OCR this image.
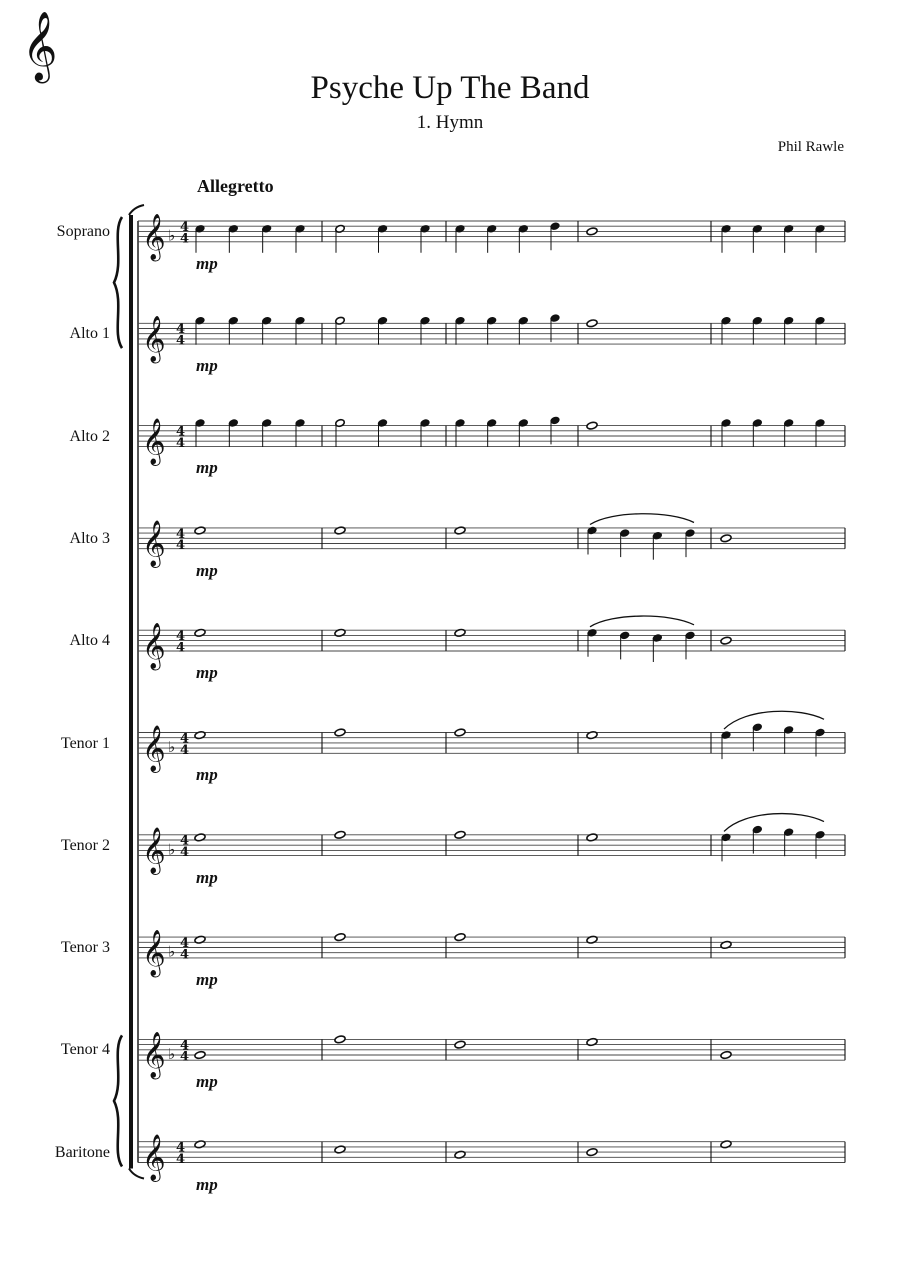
𝄞
Psyche Up The Band
1. Hymn
Phil Rawle
Allegretto
Soprano
mp
Alto 1
mp
Alto 2
mp
Alto 3
mp
Alto 4
mp
Tenor 1
mp
Tenor 2
mp
Tenor 3
mp
Tenor 4
mp
Baritone
mp
𝄞 ♭ 4
4
𝄞 4
4
𝄞 4
4
𝄞 4
4
𝄞 4
4
𝄞 ♭ 4
4
𝄞 ♭ 4
4
𝄞 ♭ 4
4
𝄞 ♭ 4
4
𝄞 4
4
